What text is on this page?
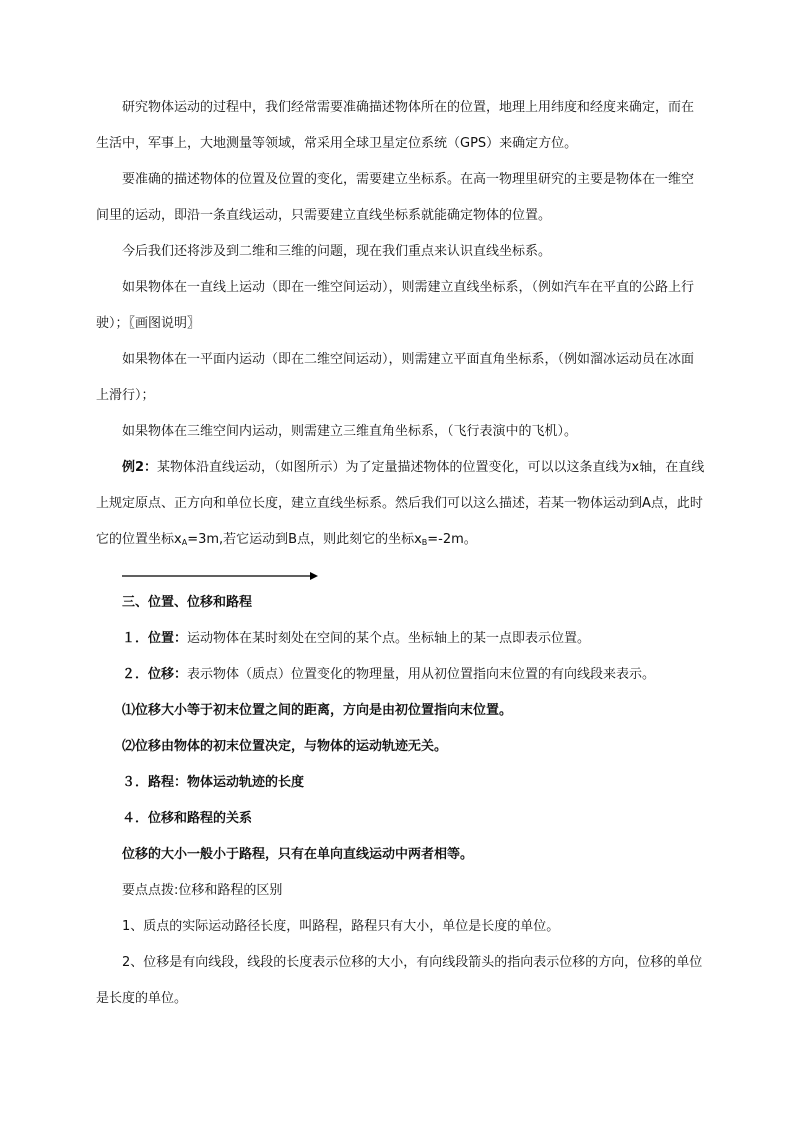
研究物体运动的过程中，我们经常需要准确描述物体所在的位置，地理上用纬度和经度来确定，而在生活中，军事上，大地测量等领域，常采用全球卫星定位系统（GPS）来确定方位。

要准确的描述物体的位置及位置的变化，需要建立坐标系。在高一物理里研究的主要是物体在一维空间里的运动，即沿一条直线运动，只需要建立直线坐标系就能确定物体的位置。

今后我们还将涉及到二维和三维的问题，现在我们重点来认识直线坐标系。

如果物体在一直线上运动（即在一维空间运动），则需建立直线坐标系，（例如汽车在平直的公路上行驶）；〖画图说明〗

如果物体在一平面内运动（即在二维空间运动），则需建立平面直角坐标系，（例如溜冰运动员在冰面上滑行）；

如果物体在三维空间内运动，则需建立三维直角坐标系，（飞行表演中的飞机）。

例2：某物体沿直线运动，（如图所示）为了定量描述物体的位置变化，可以以这条直线为x轴，在直线上规定原点、正方向和单位长度，建立直线坐标系。然后我们可以这么描述，若某一物体运动到A点，此时它的位置坐标$x_A=3m$,若它运动到B点，则此刻它的坐标$x_B=-2m$。

三、位置、位移和路程

１．位置：运动物体在某时刻处在空间的某个点。坐标轴上的某一点即表示位置。

２．位移：表示物体（质点）位置变化的物理量，用从初位置指向末位置的有向线段来表示。

⑴位移大小等于初末位置之间的距离，方向是由初位置指向末位置。

⑵位移由物体的初末位置决定，与物体的运动轨迹无关。

３．路程：物体运动轨迹的长度

４．位移和路程的关系

位移的大小一般小于路程，只有在单向直线运动中两者相等。

要点点拨:位移和路程的区别

1、质点的实际运动路径长度，叫路程，路程只有大小，单位是长度的单位。

2、位移是有向线段，线段的长度表示位移的大小，有向线段箭头的指向表示位移的方向，位移的单位是长度的单位。
